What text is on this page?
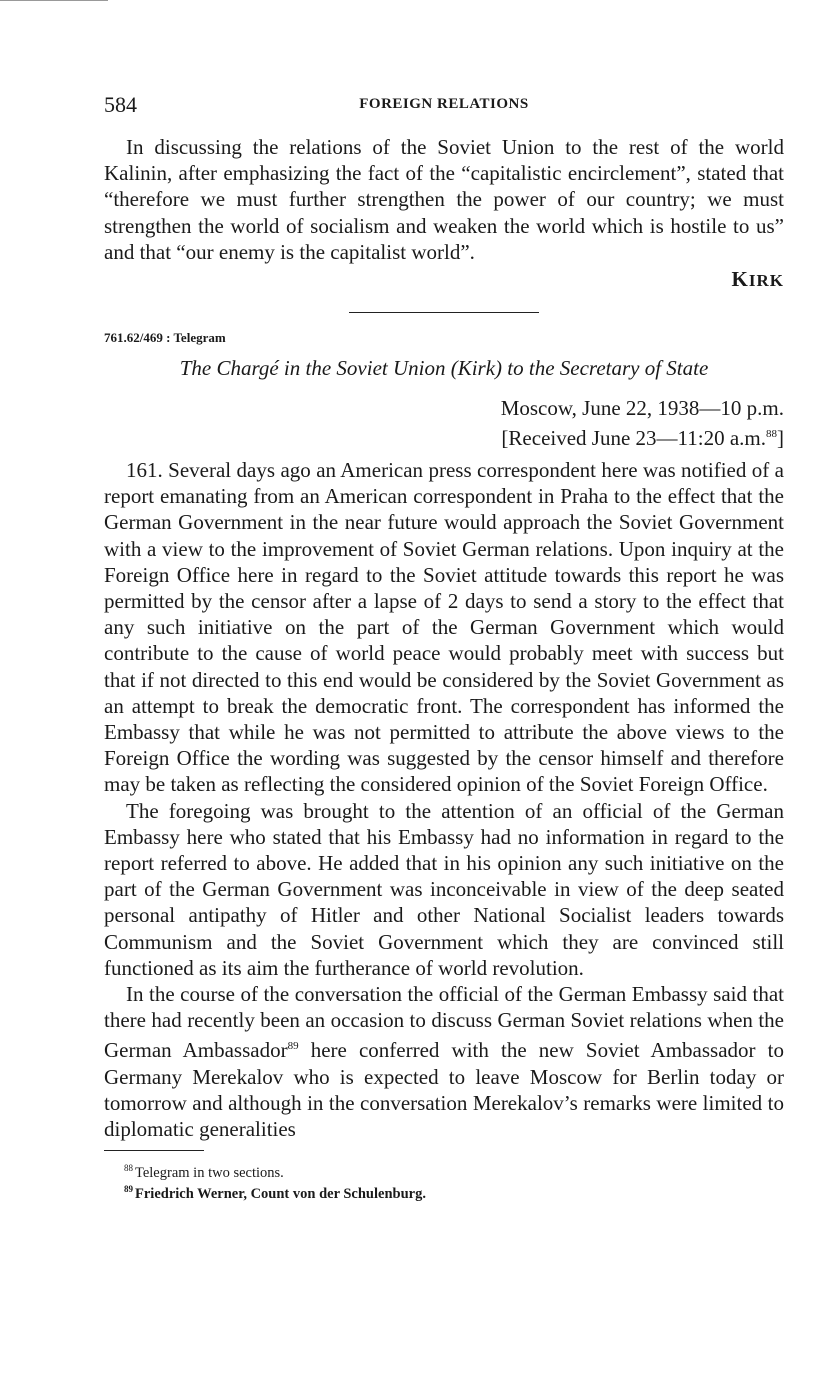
584	FOREIGN RELATIONS

In discussing the relations of the Soviet Union to the rest of the world Kalinin, after emphasizing the fact of the “capitalistic encirclement”, stated that “therefore we must further strengthen the power of our country; we must strengthen the world of socialism and weaken the world which is hostile to us” and that “our enemy is the capitalist world”.

KIRK
761.62/469 : Telegram
The Chargé in the Soviet Union (Kirk) to the Secretary of State
Moscow, June 22, 1938—10 p.m.
[Received June 23—11:20 a.m.$^{88}$]

161. Several days ago an American press correspondent here was notified of a report emanating from an American correspondent in Praha to the effect that the German Government in the near future would approach the Soviet Government with a view to the improvement of Soviet German relations. Upon inquiry at the Foreign Office here in regard to the Soviet attitude towards this report he was permitted by the censor after a lapse of 2 days to send a story to the effect that any such initiative on the part of the German Government which would contribute to the cause of world peace would probably meet with success but that if not directed to this end would be considered by the Soviet Government as an attempt to break the democratic front. The correspondent has informed the Embassy that while he was not permitted to attribute the above views to the Foreign Office the wording was suggested by the censor himself and therefore may be taken as reflecting the considered opinion of the Soviet Foreign Office.

The foregoing was brought to the attention of an official of the German Embassy here who stated that his Embassy had no information in regard to the report referred to above. He added that in his opinion any such initiative on the part of the German Government was inconceivable in view of the deep seated personal antipathy of Hitler and other National Socialist leaders towards Communism and the Soviet Government which they are convinced still functioned as its aim the furtherance of world revolution.

In the course of the conversation the official of the German Embassy said that there had recently been an occasion to discuss German Soviet relations when the German Ambassador$^{89}$ here conferred with the new Soviet Ambassador to Germany Merekalov who is expected to leave Moscow for Berlin today or tomorrow and although in the conversation Merekalov’s remarks were limited to diplomatic generalities

$^{88}$ Telegram in two sections.
$^{89}$ Friedrich Werner, Count von der Schulenburg.
